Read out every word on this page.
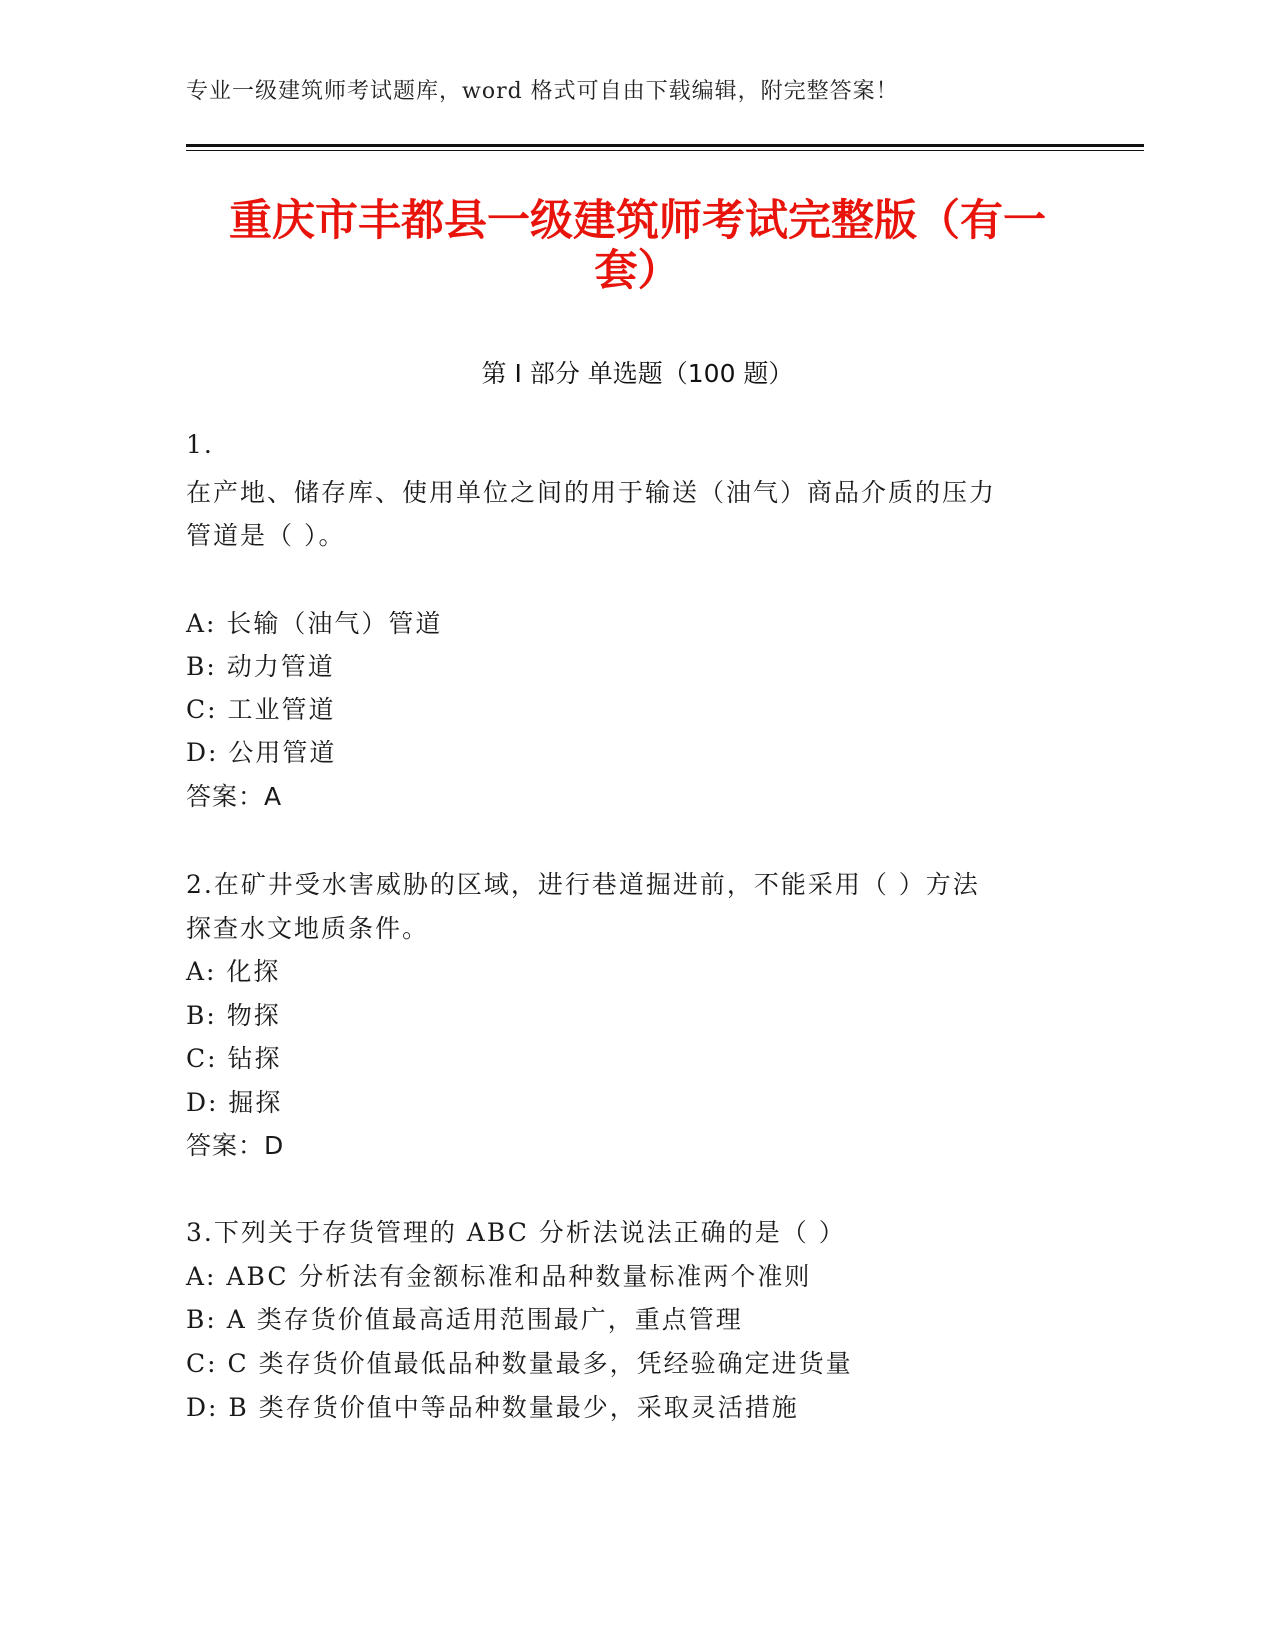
专业一级建筑师考试题库，word 格式可自由下载编辑，附完整答案！
重庆市丰都县一级建筑师考试完整版（有一
套）
第 I 部分 单选题（100 题）
1.
在产地、储存库、使用单位之间的用于输送（油气）商品介质的压力
管道是（ ）。
A: 长输（油气）管道
B: 动力管道
C: 工业管道
D: 公用管道
答案：A
2.在矿井受水害威胁的区域，进行巷道掘进前，不能采用（ ）方法
探查水文地质条件。
A: 化探
B: 物探
C: 钻探
D: 掘探
答案：D
3.下列关于存货管理的 ABC 分析法说法正确的是（ ）
A: ABC 分析法有金额标准和品种数量标准两个准则
B: A 类存货价值最高适用范围最广，重点管理
C: C 类存货价值最低品种数量最多，凭经验确定进货量
D: B 类存货价值中等品种数量最少，采取灵活措施
